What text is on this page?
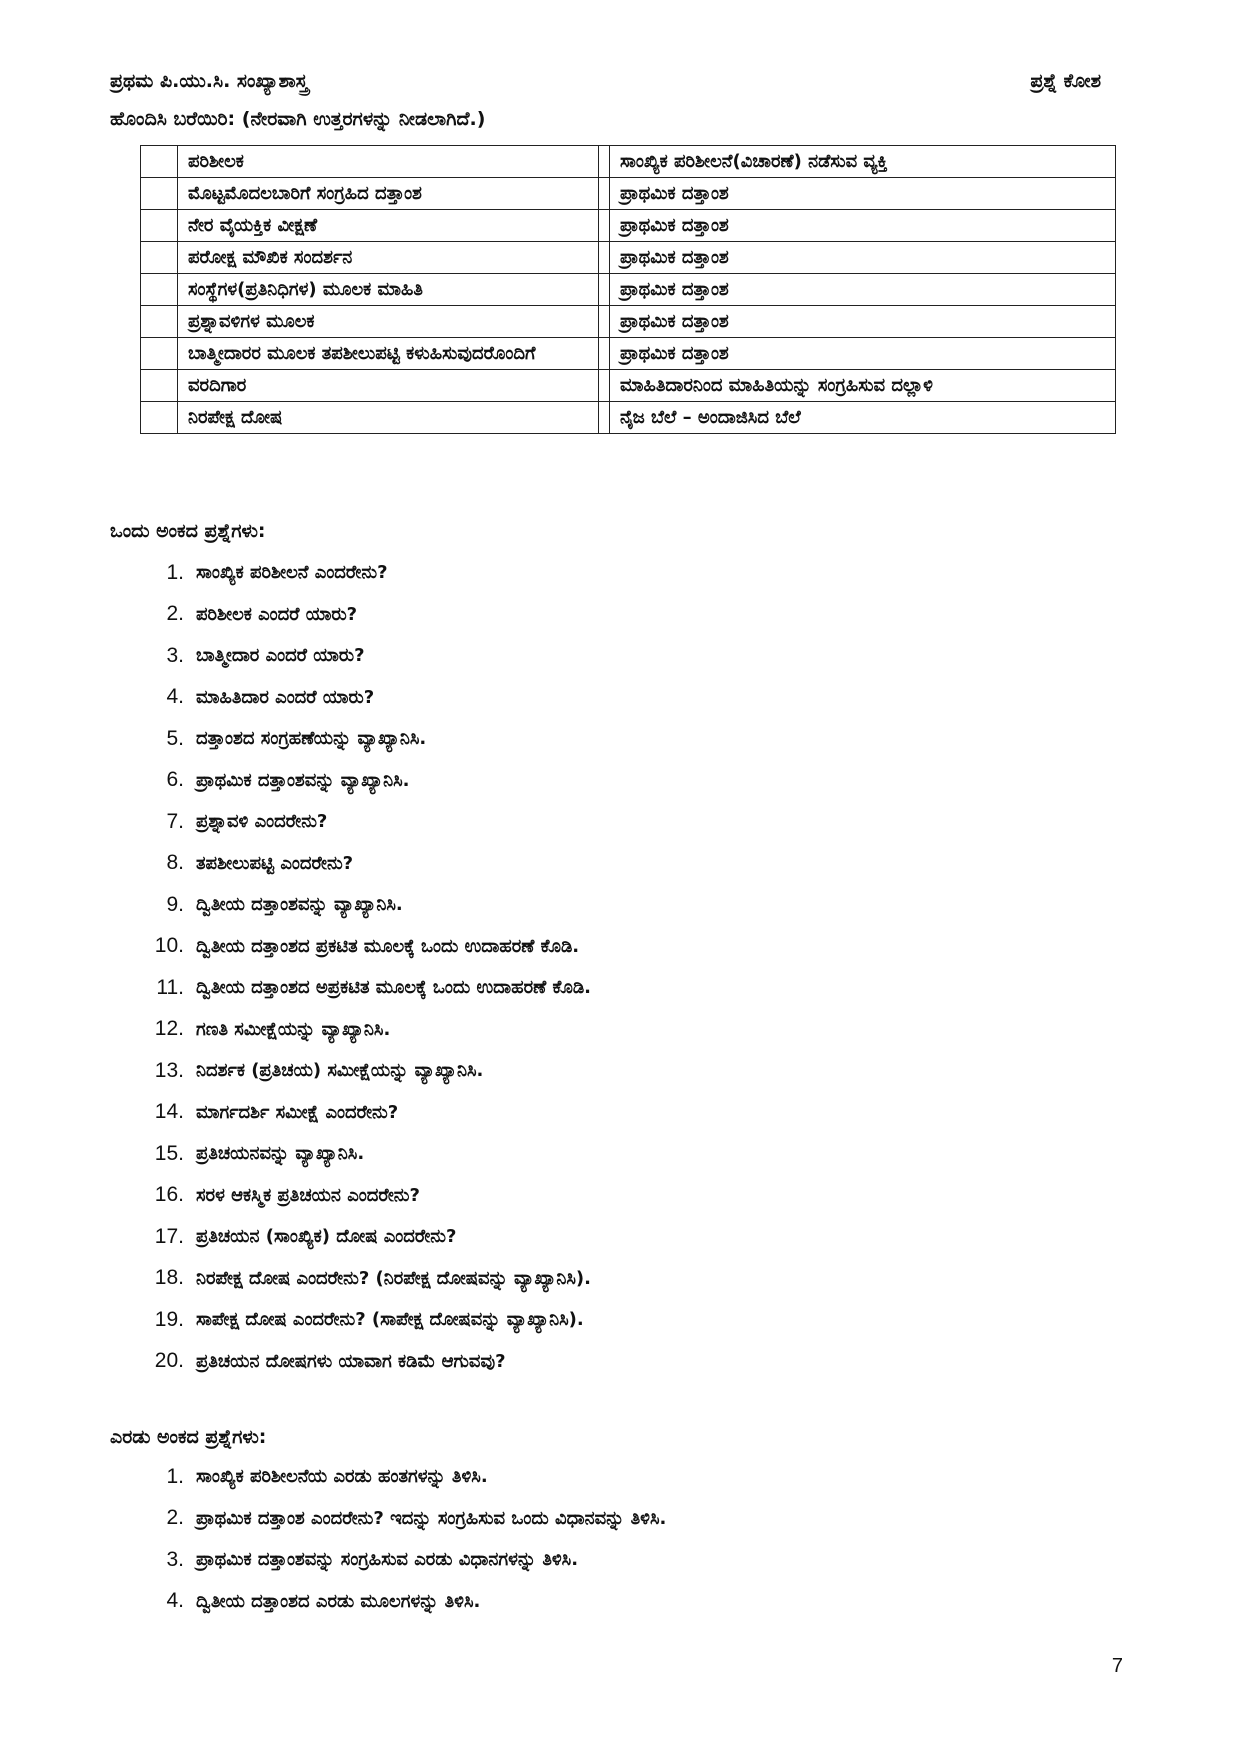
ಪ್ರಥಮ ಪಿ.ಯು.ಸಿ. ಸಂಖ್ಯಾಶಾಸ್ತ್ರ	ಪ್ರಶ್ನೆ ಕೋಶ
ಹೊಂದಿಸಿ ಬರೆಯಿರಿ: (ನೇರವಾಗಿ ಉತ್ತರಗಳನ್ನು ನೀಡಲಾಗಿದೆ.)
	ಪರಿಶೀಲಕ		ಸಾಂಖ್ಯಿಕ ಪರಿಶೀಲನೆ(ವಿಚಾರಣೆ) ನಡೆಸುವ ವ್ಯಕ್ತಿ
	ಮೊಟ್ಟಮೊದಲಬಾರಿಗೆ ಸಂಗ್ರಹಿದ ದತ್ತಾಂಶ		ಪ್ರಾಥಮಿಕ ದತ್ತಾಂಶ
	ನೇರ ವೈಯಕ್ತಿಕ ವೀಕ್ಷಣೆ		ಪ್ರಾಥಮಿಕ ದತ್ತಾಂಶ
	ಪರೋಕ್ಷ ಮೌಖಿಕ ಸಂದರ್ಶನ		ಪ್ರಾಥಮಿಕ ದತ್ತಾಂಶ
	ಸಂಸ್ಥೆಗಳ(ಪ್ರತಿನಿಧಿಗಳ) ಮೂಲಕ ಮಾಹಿತಿ		ಪ್ರಾಥಮಿಕ ದತ್ತಾಂಶ
	ಪ್ರಶ್ನಾವಳಿಗಳ ಮೂಲಕ		ಪ್ರಾಥಮಿಕ ದತ್ತಾಂಶ
	ಬಾತ್ಮೀದಾರರ ಮೂಲಕ ತಪಶೀಲುಪಟ್ಟಿ ಕಳುಹಿಸುವುದರೊಂದಿಗೆ		ಪ್ರಾಥಮಿಕ ದತ್ತಾಂಶ
	ವರದಿಗಾರ		ಮಾಹಿತಿದಾರನಿಂದ ಮಾಹಿತಿಯನ್ನು ಸಂಗ್ರಹಿಸುವ ದಲ್ಲಾಳಿ
	ನಿರಪೇಕ್ಷ ದೋಷ		ನೈಜ ಬೆಲೆ – ಅಂದಾಜಿಸಿದ ಬೆಲೆ
ಒಂದು ಅಂಕದ ಪ್ರಶ್ನೆಗಳು:
1. ಸಾಂಖ್ಯಿಕ ಪರಿಶೀಲನೆ ಎಂದರೇನು?
2. ಪರಿಶೀಲಕ ಎಂದರೆ ಯಾರು?
3. ಬಾತ್ಮೀದಾರ ಎಂದರೆ ಯಾರು?
4. ಮಾಹಿತಿದಾರ ಎಂದರೆ ಯಾರು?
5. ದತ್ತಾಂಶದ ಸಂಗ್ರಹಣೆಯನ್ನು ವ್ಯಾಖ್ಯಾನಿಸಿ.
6. ಪ್ರಾಥಮಿಕ ದತ್ತಾಂಶವನ್ನು ವ್ಯಾಖ್ಯಾನಿಸಿ.
7. ಪ್ರಶ್ನಾವಳಿ ಎಂದರೇನು?
8. ತಪಶೀಲುಪಟ್ಟಿ ಎಂದರೇನು?
9. ದ್ವಿತೀಯ ದತ್ತಾಂಶವನ್ನು ವ್ಯಾಖ್ಯಾನಿಸಿ.
10. ದ್ವಿತೀಯ ದತ್ತಾಂಶದ ಪ್ರಕಟಿತ ಮೂಲಕ್ಕೆ ಒಂದು ಉದಾಹರಣೆ ಕೊಡಿ.
11. ದ್ವಿತೀಯ ದತ್ತಾಂಶದ ಅಪ್ರಕಟಿತ ಮೂಲಕ್ಕೆ ಒಂದು ಉದಾಹರಣೆ ಕೊಡಿ.
12. ಗಣತಿ ಸಮೀಕ್ಷೆಯನ್ನು ವ್ಯಾಖ್ಯಾನಿಸಿ.
13. ನಿದರ್ಶಕ (ಪ್ರತಿಚಯ) ಸಮೀಕ್ಷೆಯನ್ನು ವ್ಯಾಖ್ಯಾನಿಸಿ.
14. ಮಾರ್ಗದರ್ಶಿ ಸಮೀಕ್ಷೆ ಎಂದರೇನು?
15. ಪ್ರತಿಚಯನವನ್ನು ವ್ಯಾಖ್ಯಾನಿಸಿ.
16. ಸರಳ ಆಕಸ್ಮಿಕ ಪ್ರತಿಚಯನ ಎಂದರೇನು?
17. ಪ್ರತಿಚಯನ (ಸಾಂಖ್ಯಿಕ) ದೋಷ ಎಂದರೇನು?
18. ನಿರಪೇಕ್ಷ ದೋಷ ಎಂದರೇನು? (ನಿರಪೇಕ್ಷ ದೋಷವನ್ನು ವ್ಯಾಖ್ಯಾನಿಸಿ).
19. ಸಾಪೇಕ್ಷ ದೋಷ ಎಂದರೇನು? (ಸಾಪೇಕ್ಷ ದೋಷವನ್ನು ವ್ಯಾಖ್ಯಾನಿಸಿ).
20. ಪ್ರತಿಚಯನ ದೋಷಗಳು ಯಾವಾಗ ಕಡಿಮೆ ಆಗುವವು?
ಎರಡು ಅಂಕದ ಪ್ರಶ್ನೆಗಳು:
1. ಸಾಂಖ್ಯಿಕ ಪರಿಶೀಲನೆಯ ಎರಡು ಹಂತಗಳನ್ನು ತಿಳಿಸಿ.
2. ಪ್ರಾಥಮಿಕ ದತ್ತಾಂಶ ಎಂದರೇನು? ಇದನ್ನು ಸಂಗ್ರಹಿಸುವ ಒಂದು ವಿಧಾನವನ್ನು ತಿಳಿಸಿ.
3. ಪ್ರಾಥಮಿಕ ದತ್ತಾಂಶವನ್ನು ಸಂಗ್ರಹಿಸುವ ಎರಡು ವಿಧಾನಗಳನ್ನು ತಿಳಿಸಿ.
4. ದ್ವಿತೀಯ ದತ್ತಾಂಶದ ಎರಡು ಮೂಲಗಳನ್ನು ತಿಳಿಸಿ.
7
